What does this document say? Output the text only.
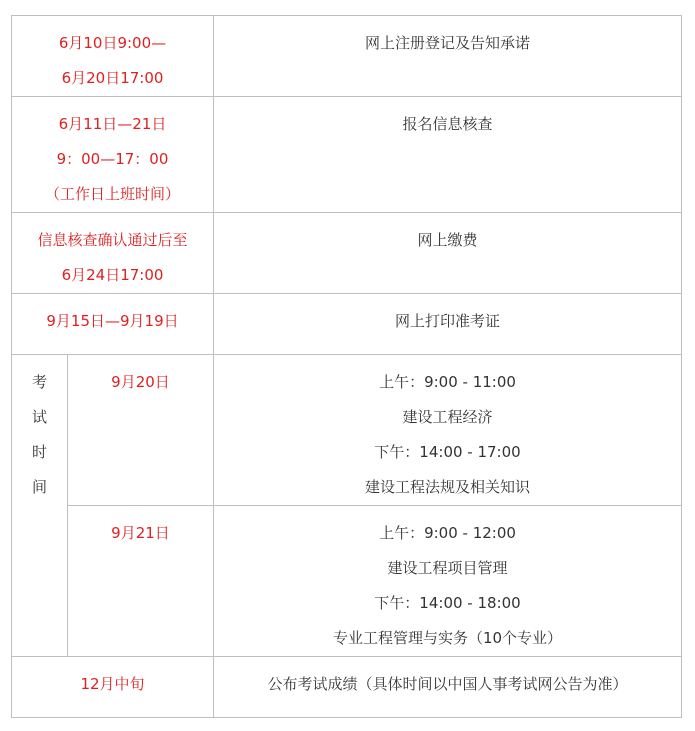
6月10日9:00—
6月20日17:00		网上注册登记及告知承诺

6月11日—21日
9：00—17：00
（工作日上班时间）		报名信息核查

信息核查确认通过后至
6月24日17:00		网上缴费

9月15日—9月19日		网上打印准考证

考
试
时
间	9月20日	上午：9:00 - 11:00
建设工程经济
下午：14:00 - 17:00
建设工程法规及相关知识

	9月21日	上午：9:00 - 12:00
建设工程项目管理
下午：14:00 - 18:00
专业工程管理与实务（10个专业）

12月中旬		公布考试成绩（具体时间以中国人事考试网公告为准）
